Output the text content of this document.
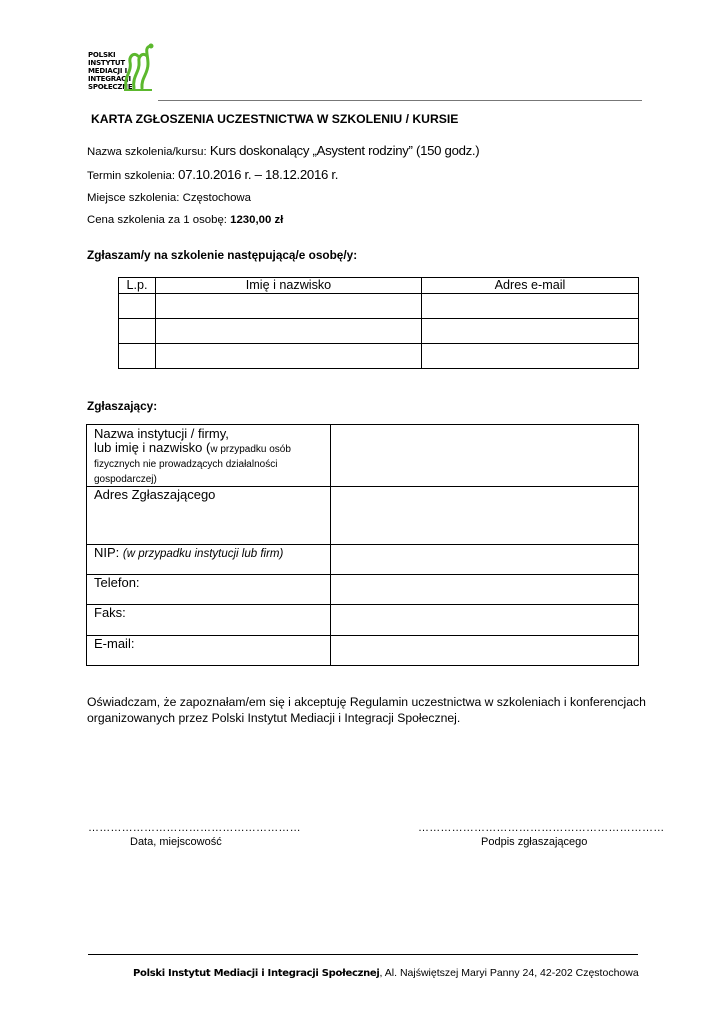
POLSKI
INSTYTUT
MEDIACJI I
INTEGRACJI
SPOŁECZNEJ
KARTA ZGŁOSZENIA UCZESTNICTWA W SZKOLENIU / KURSIE
Nazwa szkolenia/kursu: Kurs doskonalący „Asystent rodziny” (150 godz.)
Termin szkolenia: 07.10.2016 r. – 18.12.2016 r.
Miejsce szkolenia: Częstochowa
Cena szkolenia za 1 osobę: 1230,00 zł
Zgłaszam/y na szkolenie następującą/e osobę/y:
L.p.	Imię i nazwisko	Adres e-mail

Zgłaszający:
Nazwa instytucji / firmy,
lub imię i nazwisko (w przypadku osób fizycznych nie prowadzących działalności gospodarczej)	
Adres Zgłaszającego	
NIP: (w przypadku instytucji lub firm)	
Telefon:	
Faks:	
E-mail:	
Oświadczam, że zapoznałam/em się i akceptuję Regulamin uczestnictwa w szkoleniach i konferencjach organizowanych przez Polski Instytut Mediacji i Integracji Społecznej.
…………………………………………………
Data, miejscowość
…………………………………………………………
Podpis zgłaszającego
Polski Instytut Mediacji i Integracji Społecznej, Al. Najświętszej Maryi Panny 24, 42-202 Częstochowa
